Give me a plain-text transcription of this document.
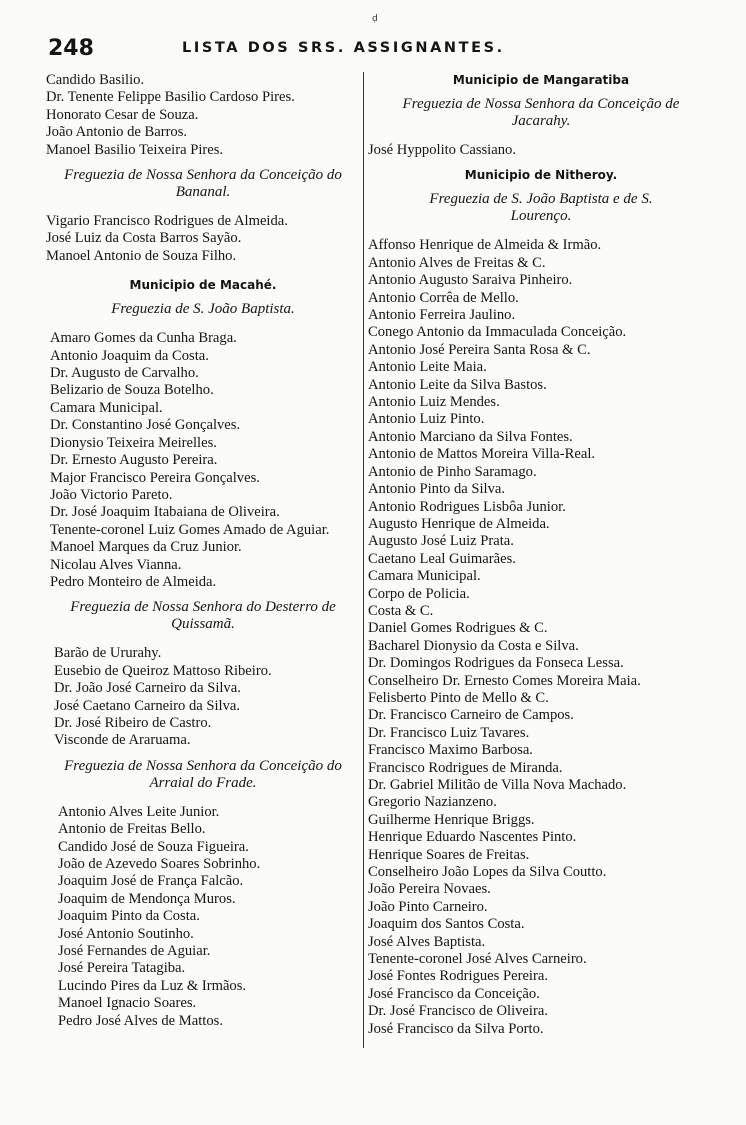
ḍ
248	LISTA DOS SRS. ASSIGNANTES.
Candido Basilio.
Dr. Tenente Felippe Basilio Cardoso Pires.
Honorato Cesar de Souza.
João Antonio de Barros.
Manoel Basilio Teixeira Pires.
Freguezia de Nossa Senhora da Conceição do Bananal.
Vigario Francisco Rodrigues de Almeida.
José Luiz da Costa Barros Sayão.
Manoel Antonio de Souza Filho.
Municipio de Macahé.
Freguezia de S. João Baptista.
Amaro Gomes da Cunha Braga.
Antonio Joaquim da Costa.
Dr. Augusto de Carvalho.
Belizario de Souza Botelho.
Camara Municipal.
Dr. Constantino José Gonçalves.
Dionysio Teixeira Meirelles.
Dr. Ernesto Augusto Pereira.
Major Francisco Pereira Gonçalves.
João Victorio Pareto.
Dr. José Joaquim Itabaiana de Oliveira.
Tenente-coronel Luiz Gomes Amado de Aguiar.
Manoel Marques da Cruz Junior.
Nicolau Alves Vianna.
Pedro Monteiro de Almeida.
Freguezia de Nossa Senhora do Desterro de Quissamã.
Barão de Ururahy.
Eusebio de Queiroz Mattoso Ribeiro.
Dr. João José Carneiro da Silva.
José Caetano Carneiro da Silva.
Dr. José Ribeiro de Castro.
Visconde de Araruama.
Freguezia de Nossa Senhora da Conceição do Arraial do Frade.
Antonio Alves Leite Junior.
Antonio de Freitas Bello.
Candido José de Souza Figueira.
João de Azevedo Soares Sobrinho.
Joaquim José de França Falcão.
Joaquim de Mendonça Muros.
Joaquim Pinto da Costa.
José Antonio Soutinho.
José Fernandes de Aguiar.
José Pereira Tatagiba.
Lucindo Pires da Luz & Irmãos.
Manoel Ignacio Soares.
Pedro José Alves de Mattos.
Municipio de Mangaratiba
Freguezia de Nossa Senhora da Conceição de Jacarahy.
José Hyppolito Cassiano.
Municipio de Nitheroy.
Freguezia de S. João Baptista e de S. Lourenço.
Affonso Henrique de Almeida & Irmão.
Antonio Alves de Freitas & C.
Antonio Augusto Saraiva Pinheiro.
Antonio Corrêa de Mello.
Antonio Ferreira Jaulino.
Conego Antonio da Immaculada Conceição.
Antonio José Pereira Santa Rosa & C.
Antonio Leite Maia.
Antonio Leite da Silva Bastos.
Antonio Luiz Mendes.
Antonio Luiz Pinto.
Antonio Marciano da Silva Fontes.
Antonio de Mattos Moreira Villa-Real.
Antonio de Pinho Saramago.
Antonio Pinto da Silva.
Antonio Rodrigues Lisbôa Junior.
Augusto Henrique de Almeida.
Augusto José Luiz Prata.
Caetano Leal Guimarães.
Camara Municipal.
Corpo de Policia.
Costa & C.
Daniel Gomes Rodrigues & C.
Bacharel Dionysio da Costa e Silva.
Dr. Domingos Rodrigues da Fonseca Lessa.
Conselheiro Dr. Ernesto Comes Moreira Maia.
Felisberto Pinto de Mello & C.
Dr. Francisco Carneiro de Campos.
Dr. Francisco Luiz Tavares.
Francisco Maximo Barbosa.
Francisco Rodrigues de Miranda.
Dr. Gabriel Militão de Villa Nova Machado.
Gregorio Nazianzeno.
Guilherme Henrique Briggs.
Henrique Eduardo Nascentes Pinto.
Henrique Soares de Freitas.
Conselheiro João Lopes da Silva Coutto.
João Pereira Novaes.
João Pinto Carneiro.
Joaquim dos Santos Costa.
José Alves Baptista.
Tenente-coronel José Alves Carneiro.
José Fontes Rodrigues Pereira.
José Francisco da Conceição.
Dr. José Francisco de Oliveira.
José Francisco da Silva Porto.
